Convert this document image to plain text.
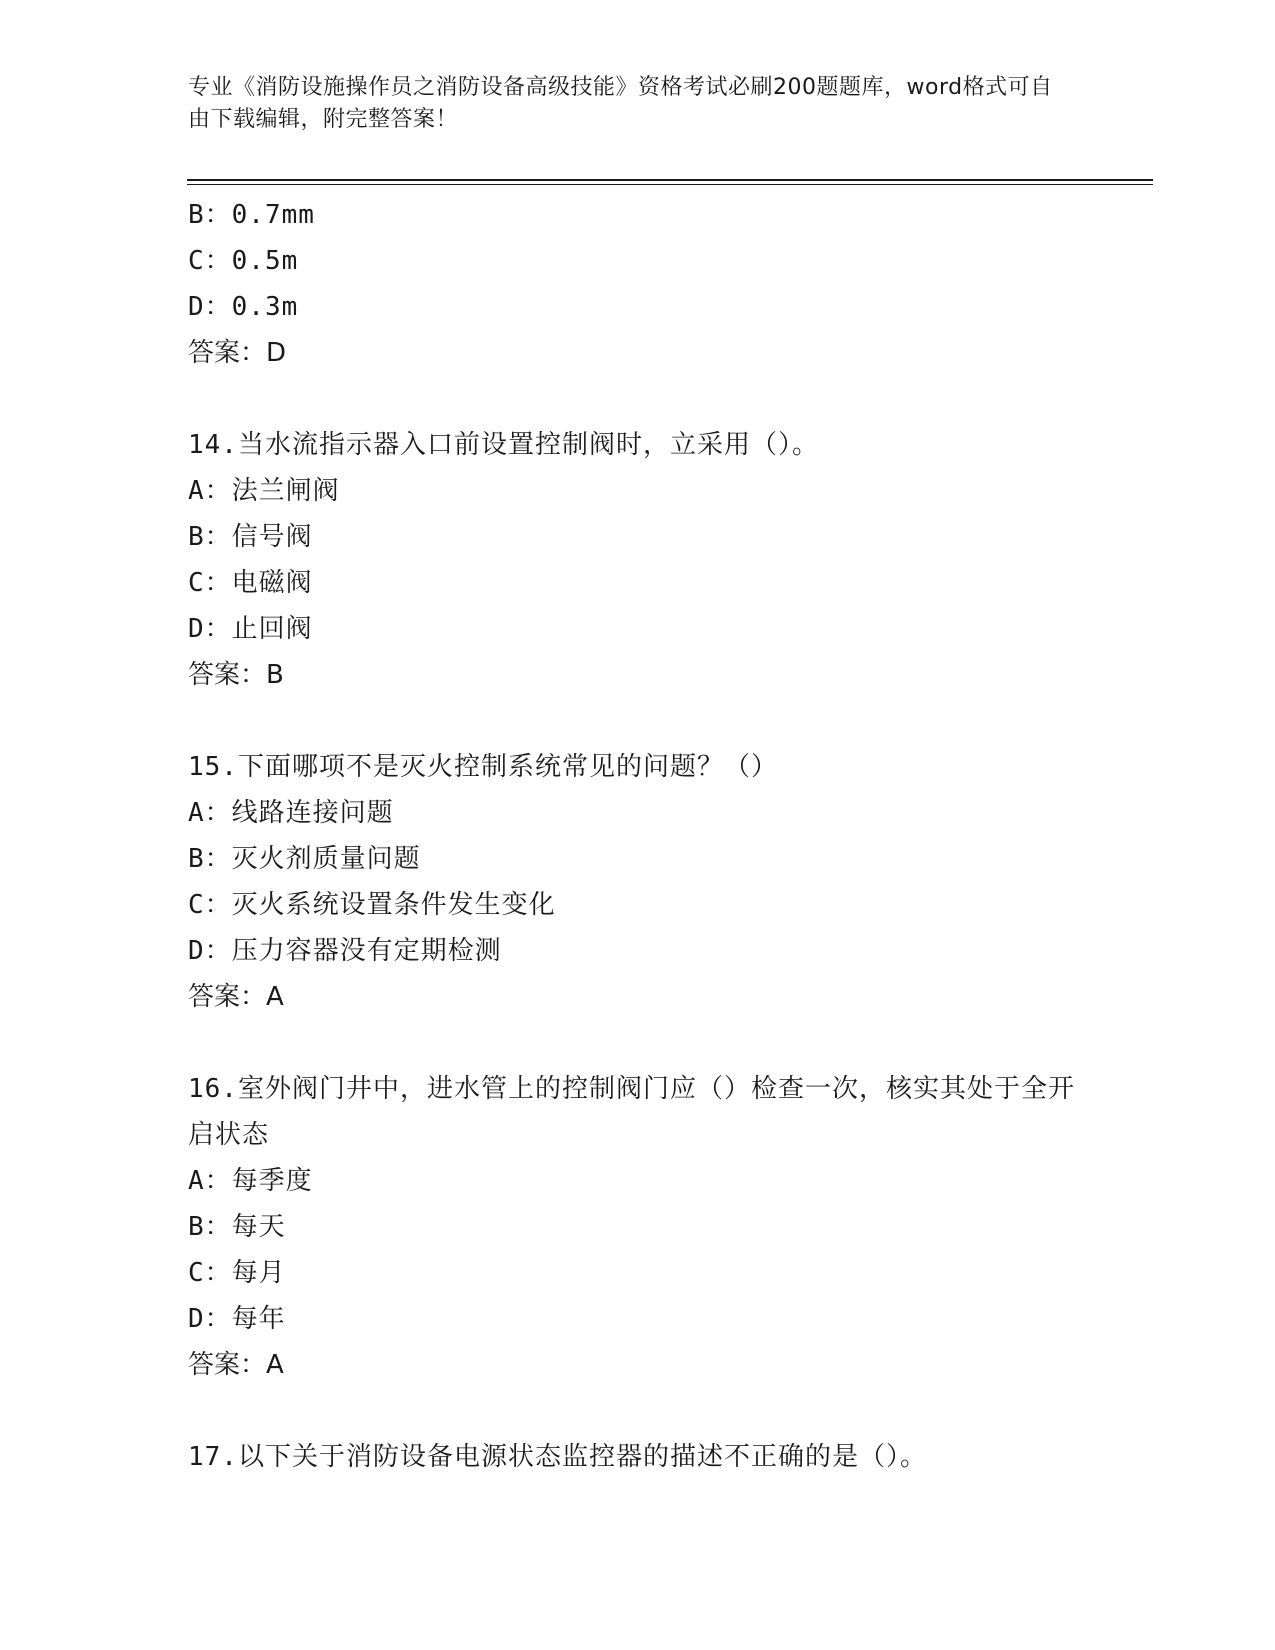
专业《消防设施操作员之消防设备高级技能》资格考试必刷200题题库，word格式可自由下载编辑，附完整答案！
B：0.7mm
C：0.5m
D：0.3m
答案：D
14.当水流指示器入口前设置控制阀时，立采用（）。
A：法兰闸阀
B：信号阀
C：电磁阀
D：止回阀
答案：B
15.下面哪项不是灭火控制系统常见的问题？（）
A：线路连接问题
B：灭火剂质量问题
C：灭火系统设置条件发生变化
D：压力容器没有定期检测
答案：A
16.室外阀门井中，进水管上的控制阀门应（）检查一次，核实其处于全开启状态
A：每季度
B：每天
C：每月
D：每年
答案：A
17.以下关于消防设备电源状态监控器的描述不正确的是（）。
